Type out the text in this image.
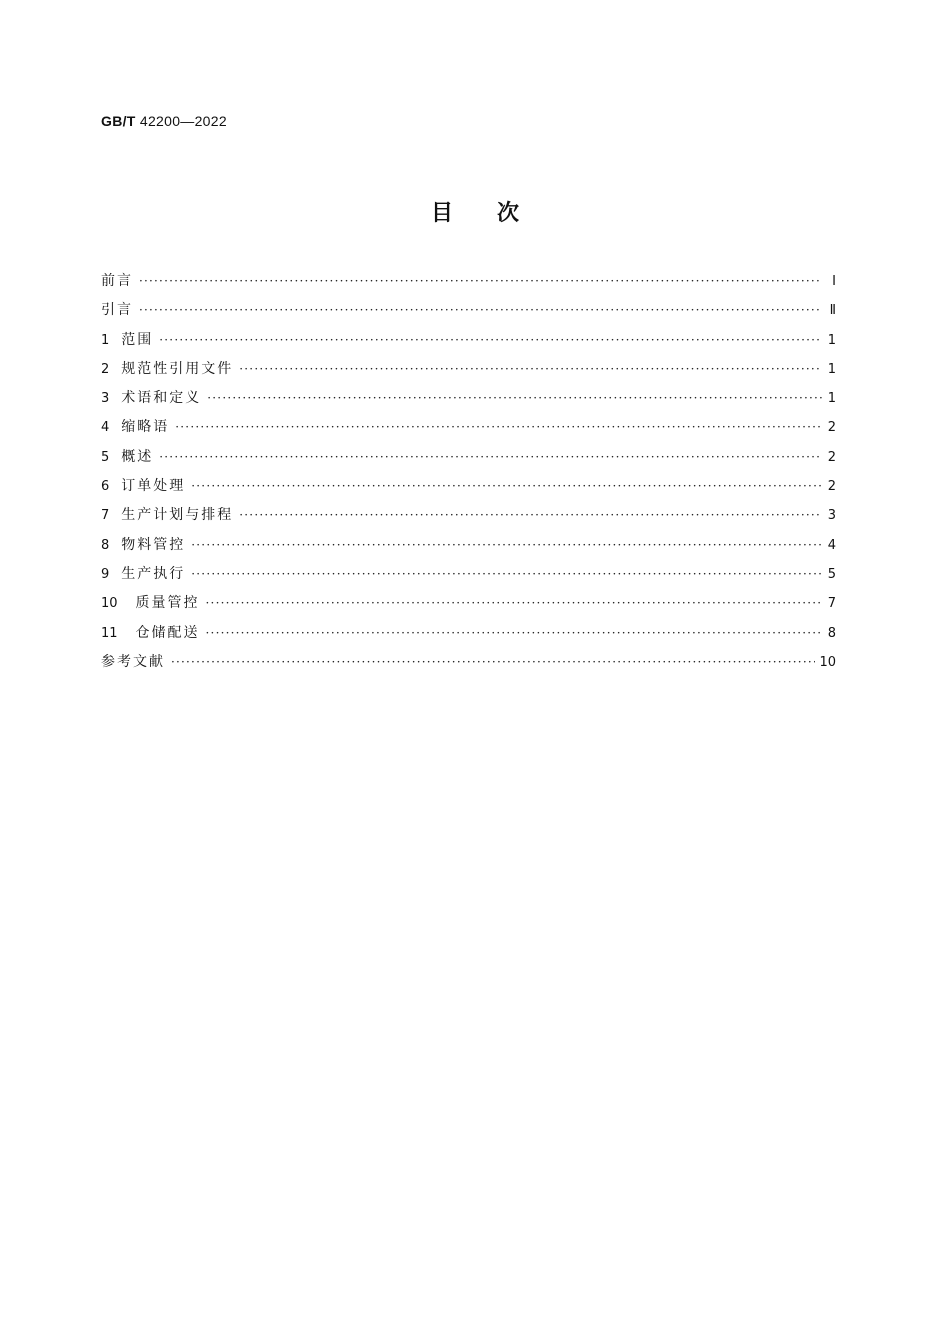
GB/T 42200—2022
目次
前言 ·····	Ⅰ
引言 ·····	Ⅱ
1 范围 ·····	1
2 规范性引用文件 ·····	1
3 术语和定义 ·····	1
4 缩略语 ·····	2
5 概述 ·····	2
6 订单处理 ·····	2
7 生产计划与排程 ·····	3
8 物料管控 ·····	4
9 生产执行 ·····	5
10 质量管控 ·····	7
11 仓储配送 ·····	8
参考文献 ·····	10
